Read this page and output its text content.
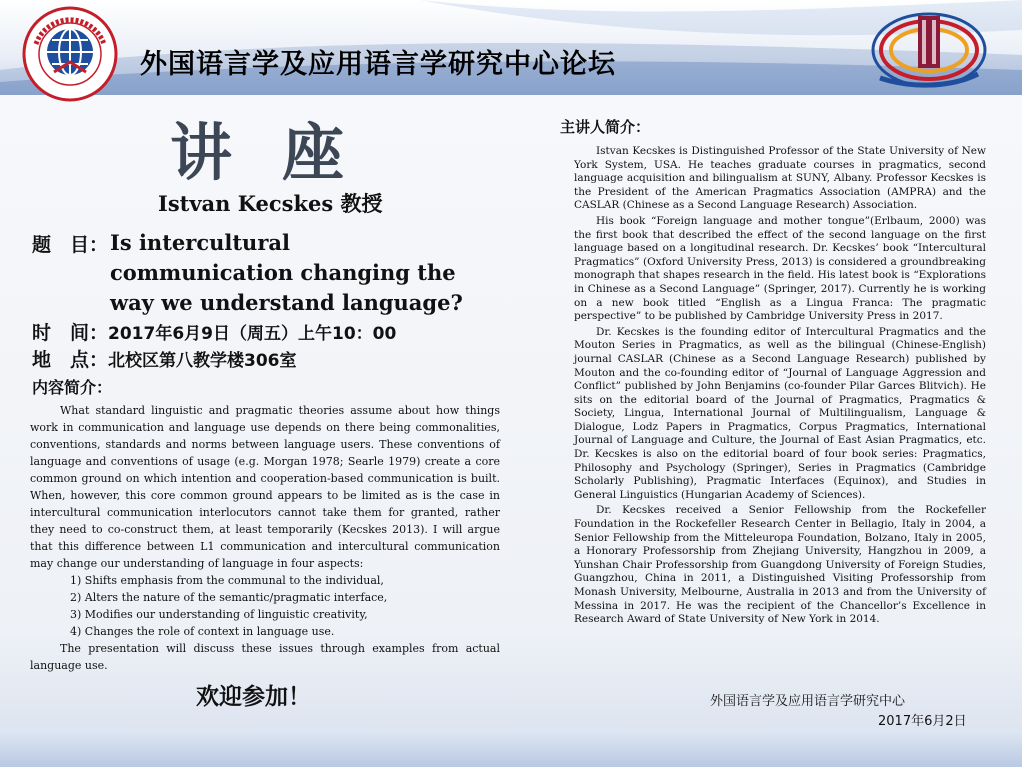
外国语言学及应用语言学研究中心论坛
讲座
Istvan Kecskes 教授
题　目： Is intercultural communication changing the way we understand language?
时　间：2017年6月9日（周五）上午10：00
地　点：北校区第八教学楼306室
内容简介：

What standard linguistic and pragmatic theories assume about how things work in communication and language use depends on there being commonalities, conventions, standards and norms between language users. These conventions of language and conventions of usage (e.g. Morgan 1978; Searle 1979) create a core common ground on which intention and cooperation-based communication is built. When, however, this core common ground appears to be limited as is the case in intercultural communication interlocutors cannot take them for granted, rather they need to co-construct them, at least temporarily (Kecskes 2013). I will argue that this difference between L1 communication and intercultural communication may change our understanding of language in four aspects:

1) Shifts emphasis from the communal to the individual,

2) Alters the nature of the semantic/pragmatic interface,

3) Modifies our understanding of linguistic creativity,

4) Changes the role of context in language use.

The presentation will discuss these issues through examples from actual language use.

欢迎参加！
主讲人简介：

Istvan Kecskes is Distinguished Professor of the State University of New York System, USA. He teaches graduate courses in pragmatics, second language acquisition and bilingualism at SUNY, Albany. Professor Kecskes is the President of the American Pragmatics Association (AMPRA) and the CASLAR (Chinese as a Second Language Research) Association.

His book “Foreign language and mother tongue”(Erlbaum, 2000) was the first book that described the effect of the second language on the first language based on a longitudinal research. Dr. Kecskes’ book “Intercultural Pragmatics” (Oxford University Press, 2013) is considered a groundbreaking monograph that shapes research in the field. His latest book is “Explorations in Chinese as a Second Language” (Springer, 2017). Currently he is working on a new book titled “English as a Lingua Franca: The pragmatic perspective” to be published by Cambridge University Press in 2017.

Dr. Kecskes is the founding editor of Intercultural Pragmatics and the Mouton Series in Pragmatics, as well as the bilingual (Chinese-English) journal CASLAR (Chinese as a Second Language Research) published by Mouton and the co-founding editor of “Journal of Language Aggression and Conflict” published by John Benjamins (co-founder Pilar Garces Blitvich). He sits on the editorial board of the Journal of Pragmatics, Pragmatics & Society, Lingua, International Journal of Multilingualism, Language & Dialogue, Lodz Papers in Pragmatics, Corpus Pragmatics, International Journal of Language and Culture, the Journal of East Asian Pragmatics, etc. Dr. Kecskes is also on the editorial board of four book series: Pragmatics, Philosophy and Psychology (Springer), Series in Pragmatics (Cambridge Scholarly Publishing), Pragmatic Interfaces (Equinox), and Studies in General Linguistics (Hungarian Academy of Sciences).

Dr. Kecskes received a Senior Fellowship from the Rockefeller Foundation in the Rockefeller Research Center in Bellagio, Italy in 2004, a Senior Fellowship from the Mitteleuropa Foundation, Bolzano, Italy in 2005, a Honorary Professorship from Zhejiang University, Hangzhou in 2009, a Yunshan Chair Professorship from Guangdong University of Foreign Studies, Guangzhou, China in 2011, a Distinguished Visiting Professorship from Monash University, Melbourne, Australia in 2013 and from the University of Messina in 2017. He was the recipient of the Chancellor’s Excellence in Research Award of State University of New York in 2014.

外国语言学及应用语言学研究中心
2017年6月2日
